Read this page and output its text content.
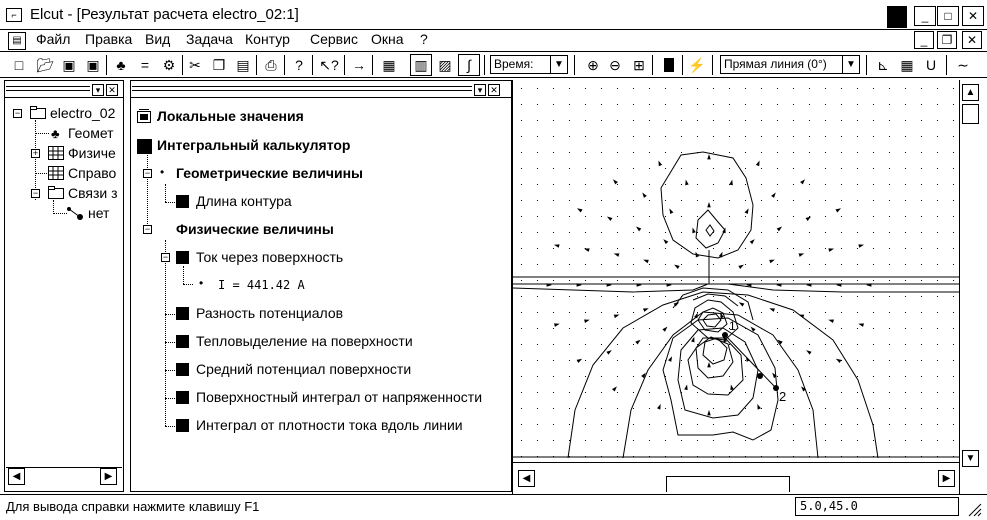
⌐ Elcut - [Результат расчета electro_02:1]	_	□	✕
▤	Файл Правка Вид Задача Контур Сервис Окна ?	_	❐	✕
□ 📂︎ ▣ ▣	♣	= ⚙ ✂ ❐ ▤	⎙	?	↖? →	▦	▥ ▨	∫	Время:	▼	⊕ ⊖ ⊞	⚡	Прямая линия (0°)	▼	⊾ ▦ U	∼
▾ ✕
− electro_02
♣ Геомет
+ Физиче
Справо
− Связи з
нет
◀	▶
▾ ✕
Локальные значения
Интегральный калькулятор
− • Геометрические величины
Длина контура
− Физические величины
− Ток через поверхность
• I = 441.42 A
Разность потенциалов
Тепловыделение на поверхности
Средний потенциал поверхности
Поверхностный интеграл от напряженности
Интеграл от плотности тока вдоль линии
1
2
▲
▼
◀	▶
Для вывода справки нажмите клавишу F1	5.0,45.0
